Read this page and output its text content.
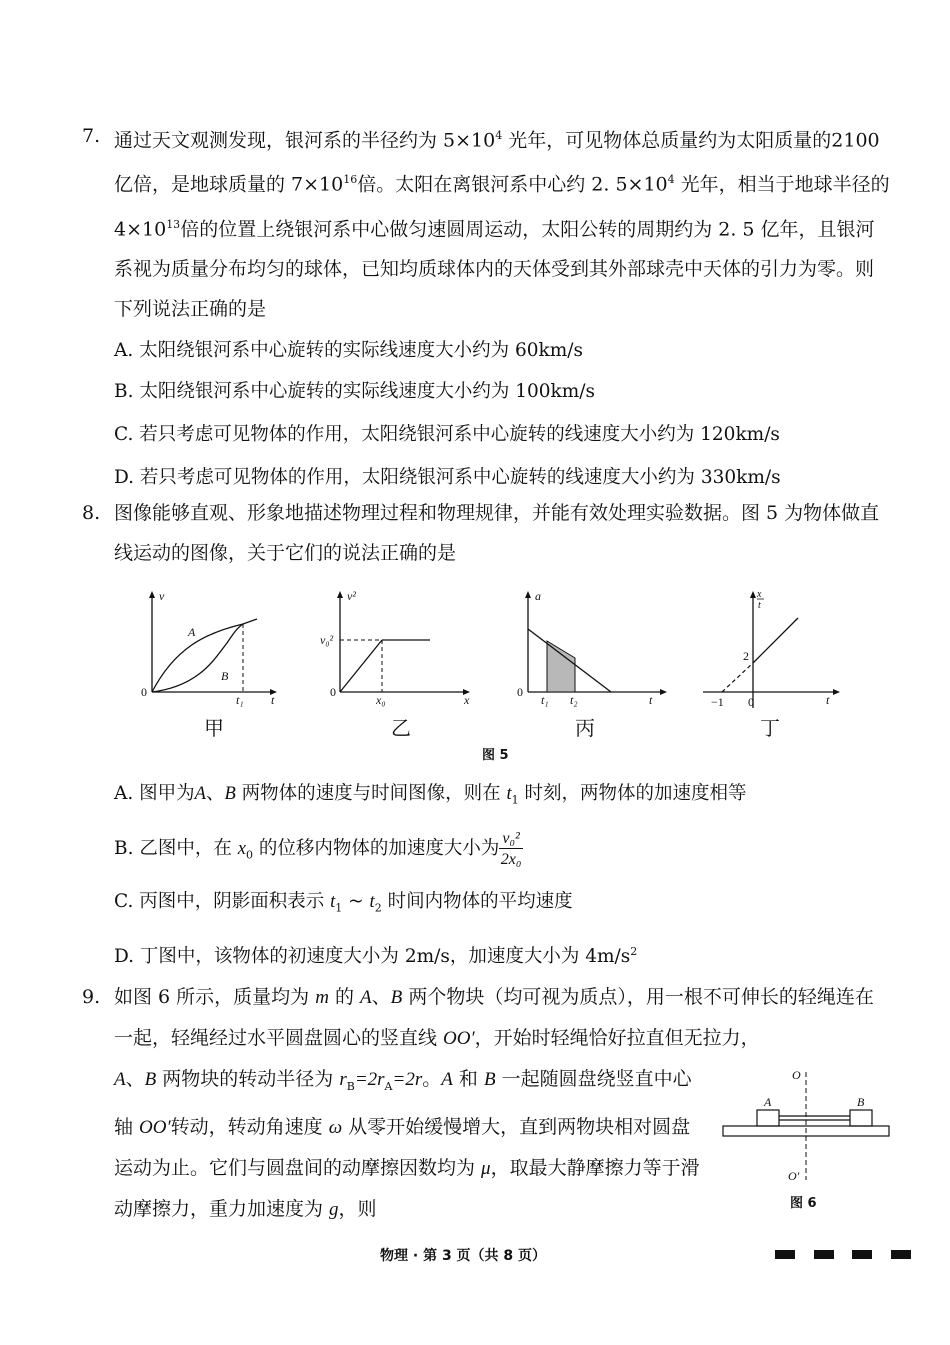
7. 通过天文观测发现，银河系的半径约为 $5\times 10^4$ 光年，可见物体总质量约为太阳质量的2100 亿倍，是地球质量的 $7\times 10^{16}$倍。太阳在离银河系中心约 2. $5\times 10^4$ 光年，相当于地球半径的 $4\times 10^{13}$倍的位置上绕银河系中心做匀速圆周运动，太阳公转的周期约为 2. 5 亿年，且银河系视为质量分布均匀的球体，已知均质球体内的天体受到其外部球壳中天体的引力为零。则下列说法正确的是
A. 太阳绕银河系中心旋转的实际线速度大小约为 60km/s
B. 太阳绕银河系中心旋转的实际线速度大小约为 100km/s
C. 若只考虑可见物体的作用，太阳绕银河系中心旋转的线速度大小约为 120km/s
D. 若只考虑可见物体的作用，太阳绕银河系中心旋转的线速度大小约为 330km/s
8. 图像能够直观、形象地描述物理过程和物理规律，并能有效处理实验数据。图 5 为物体做直线运动的图像，关于它们的说法正确的是
v
t
0
A
B
t₁
v²
x
0
v₀²
x₀
a
t
0
t₁ t₂
x
t
t
0
−1
2
甲	乙	丙	丁
图 5
A. 图甲为A、B 两物体的速度与时间图像，则在 $t_1$ 时刻，两物体的加速度相等
B. 乙图中，在 $x_0$ 的位移内物体的加速度大小为 $\frac{\text{v₀²}}{\text{2x₀}}$
C. 丙图中，阴影面积表示 $t_1$ ~ $t_2$ 时间内物体的平均速度
D. 丁图中，该物体的初速度大小为 2m/s，加速度大小为 $4m/s^2$
9. 如图 6 所示，质量均为 m 的 A、B 两个物块（均可视为质点），用一根不可伸长的轻绳连在一起，轻绳经过水平圆盘圆心的竖直线 OO′，开始时轻绳恰好拉直但无拉力，
A、B 两物块的转动半径为 $r_B=2r_A=2r$。A 和 B 一起随圆盘绕竖直中心轴 OO′转动，转动角速度 ω 从零开始缓慢增大，直到两物块相对圆盘运动为止。它们与圆盘间的动摩擦因数均为 μ，取最大静摩擦力等于滑动摩擦力，重力加速度为 g，则
O
O′
A	B
图 6
物理 · 第 3 页（共 8 页）
